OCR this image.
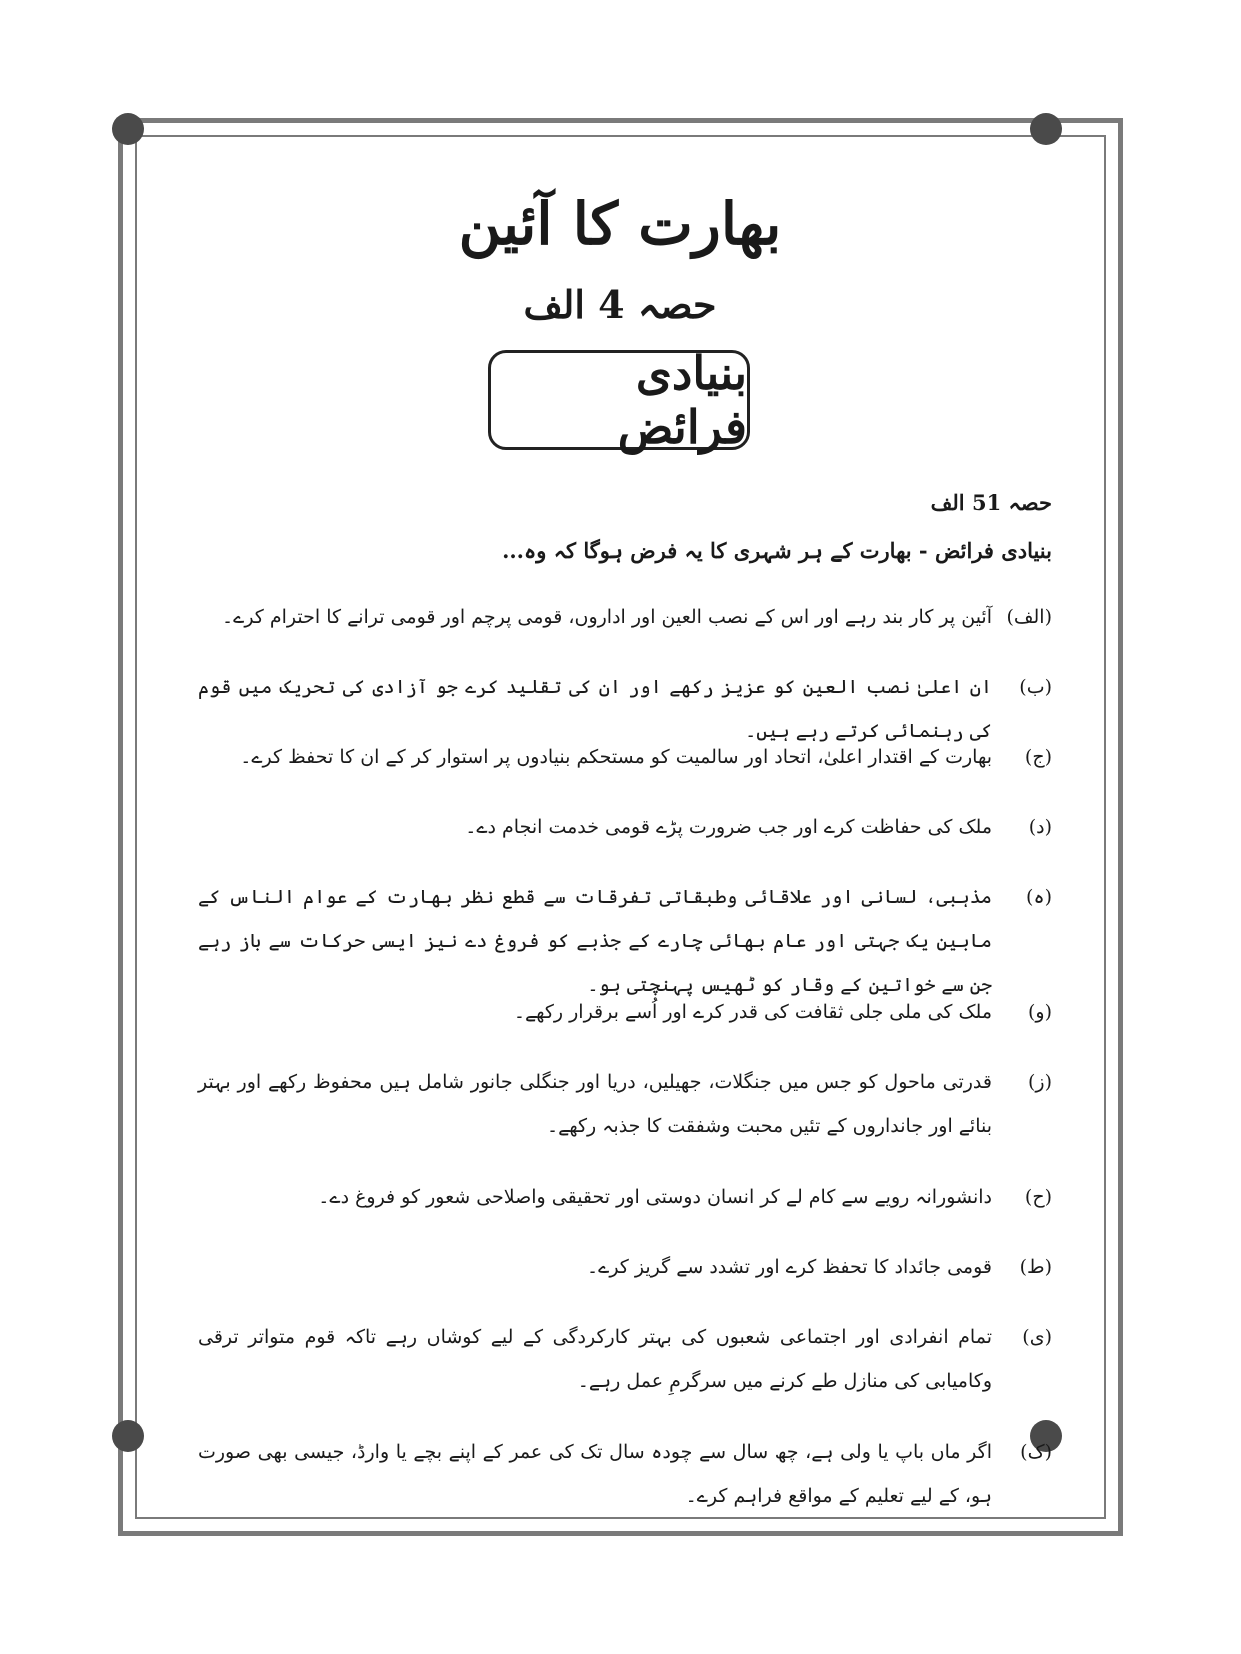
بھارت کا آئین
حصہ 4 الف
بنیادی فرائض
حصہ 51 الف
بنیادی فرائض - بھارت کے ہر شہری کا یہ فرض ہوگا کہ وہ...
(الف)
آئین پر کار بند رہے اور اس کے نصب العین اور اداروں، قومی پرچم اور قومی ترانے کا احترام کرے۔
(ب)
ان اعلیٰ نصب العین کو عزیز رکھے اور ان کی تقلید کرے جو آزادی کی تحریک میں قوم کی رہنمائی کرتے رہے ہیں۔
(ج)
بھارت کے اقتدار اعلیٰ، اتحاد اور سالمیت کو مستحکم بنیادوں پر استوار کر کے ان کا تحفظ کرے۔
(د)
ملک کی حفاظت کرے اور جب ضرورت پڑے قومی خدمت انجام دے۔
(ہ)
مذہبی، لسانی اور علاقائی وطبقاتی تفرقات سے قطع نظر بھارت کے عوام الناس کے مابین یک جہتی اور عام بھائی چارے کے جذبے کو فروغ دے نیز ایسی حرکات سے باز رہے جن سے خواتین کے وقار کو ٹھیس پہنچتی ہو۔
(و)
ملک کی ملی جلی ثقافت کی قدر کرے اور اُسے برقرار رکھے۔
(ز)
قدرتی ماحول کو جس میں جنگلات، جھیلیں، دریا اور جنگلی جانور شامل ہیں محفوظ رکھے اور بہتر بنائے اور جانداروں کے تئیں محبت وشفقت کا جذبہ رکھے۔
(ح)
دانشورانہ رویے سے کام لے کر انسان دوستی اور تحقیقی واصلاحی شعور کو فروغ دے۔
(ط)
قومی جائداد کا تحفظ کرے اور تشدد سے گریز کرے۔
(ی)
تمام انفرادی اور اجتماعی شعبوں کی بہتر کارکردگی کے لیے کوشاں رہے تاکہ قوم متواتر ترقی وکامیابی کی منازل طے کرنے میں سرگرمِ عمل رہے۔
(ک)
اگر ماں باپ یا ولی ہے، چھ سال سے چودہ سال تک کی عمر کے اپنے بچے یا وارڈ، جیسی بھی صورت ہو، کے لیے تعلیم کے مواقع فراہم کرے۔
